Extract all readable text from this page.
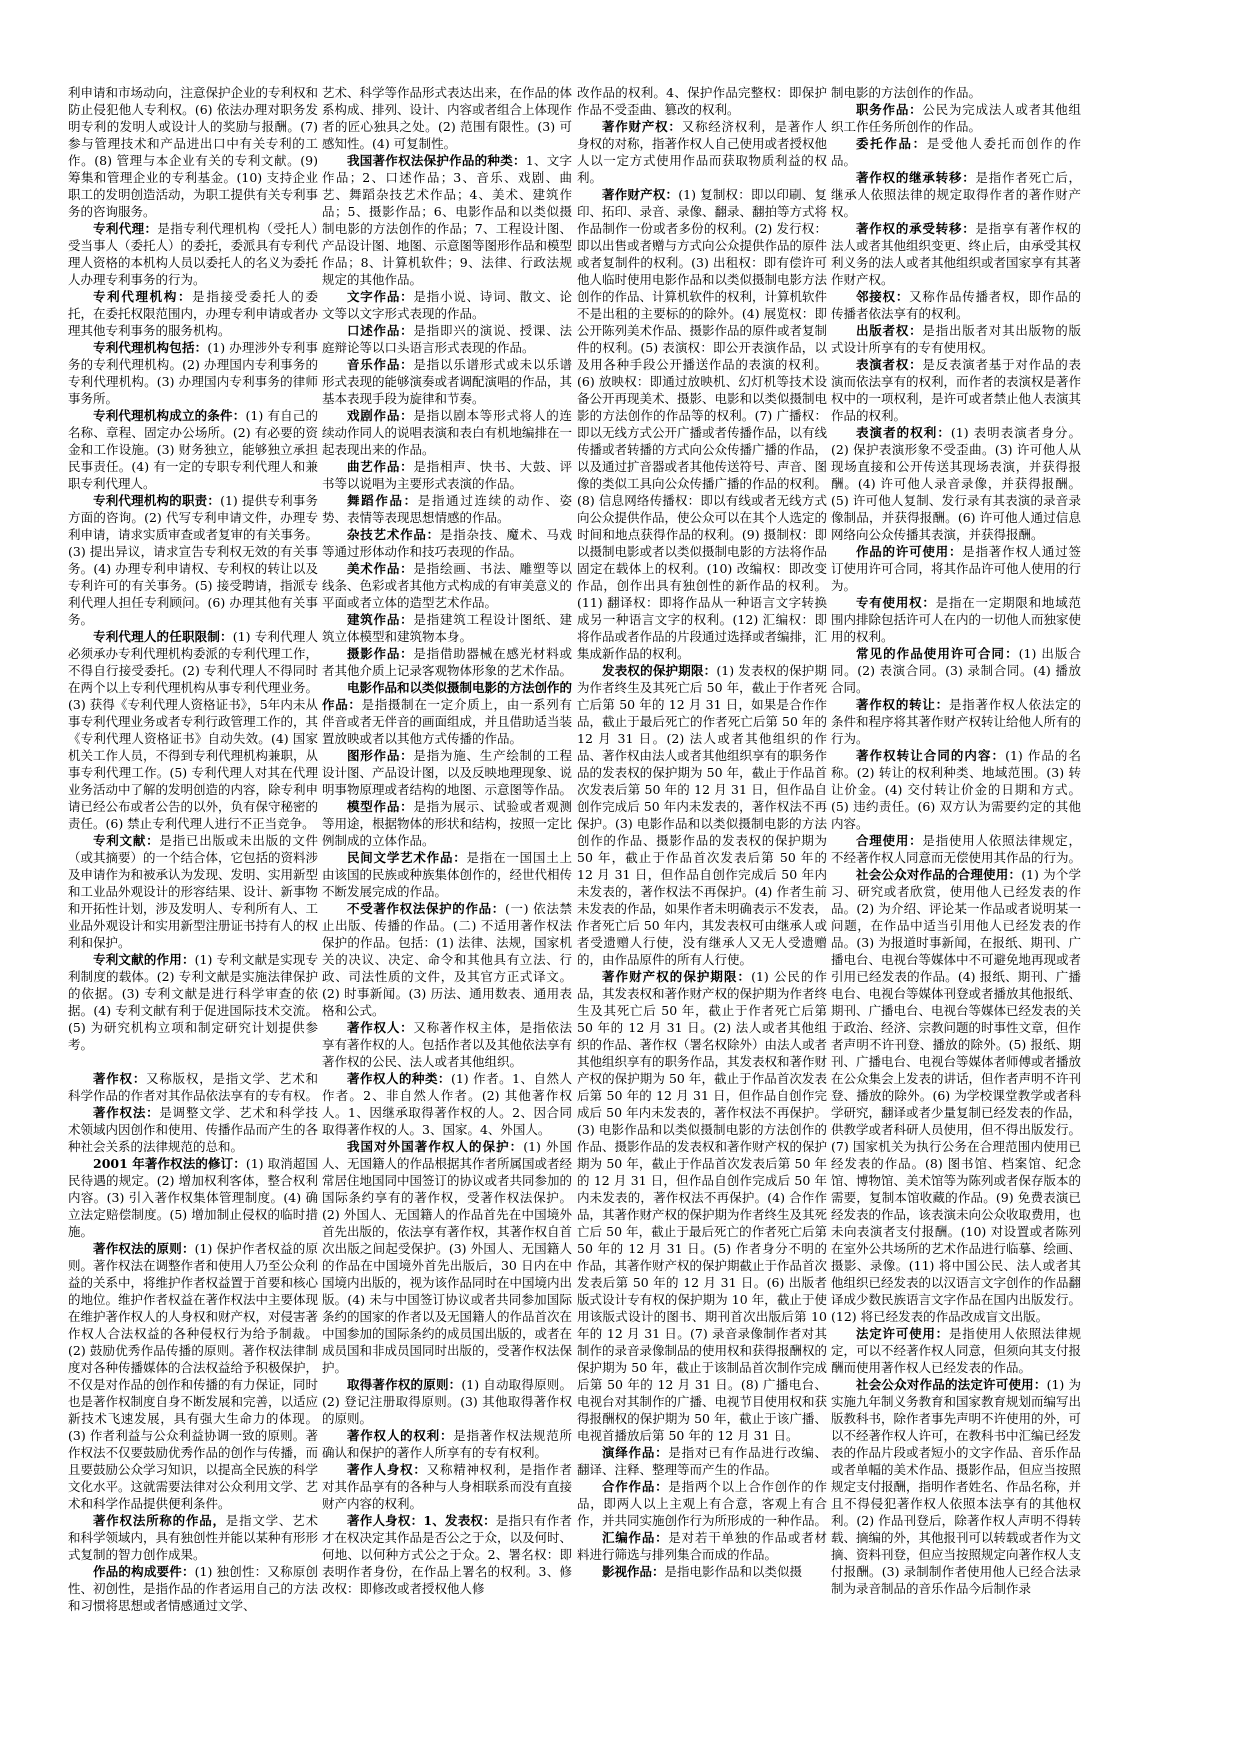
利申请和市场动向，注意保护企业的专利权和防止侵犯他人专利权。(6) 依法办理对职务发明专利的发明人或设计人的奖励与报酬。(7) 参与管理技术和产品进出口中有关专利的工作。(8) 管理与本企业有关的专利文献。(9) 筹集和管理企业的专利基金。(10) 支持企业职工的发明创造活动，为职工提供有关专利事务的咨询服务。

专利代理：是指专利代理机构（受托人）受当事人（委托人）的委托，委派具有专利代理人资格的本机构人员以委托人的名义为委托人办理专利事务的行为。

专利代理机构：是指接受委托人的委托，在委托权限范围内，办理专利申请或者办理其他专利事务的服务机构。

专利代理机构包括：(1) 办理涉外专利事务的专利代理机构。(2) 办理国内专利事务的专利代理机构。(3) 办理国内专利事务的律师事务所。

专利代理机构成立的条件：(1) 有自己的名称、章程、固定办公场所。(2) 有必要的资金和工作设施。(3) 财务独立，能够独立承担民事责任。(4) 有一定的专职专利代理人和兼职专利代理人。

专利代理机构的职责：(1) 提供专利事务方面的咨询。(2) 代写专利申请文件，办理专利申请，请求实质审查或者复审的有关事务。(3) 提出异议，请求宣告专利权无效的有关事务。(4) 办理专利申请权、专利权的转让以及专利许可的有关事务。(5) 接受聘请，指派专利代理人担任专利顾问。(6) 办理其他有关事务。

专利代理人的任职限制：(1) 专利代理人必须承办专利代理机构委派的专利代理工作，不得自行接受委托。(2) 专利代理人不得同时在两个以上专利代理机构从事专利代理业务。(3) 获得《专利代理人资格证书》，5年内未从事专利代理业务或者专利行政管理工作的，其《专利代理人资格证书》自动失效。(4) 国家机关工作人员，不得到专利代理机构兼职，从事专利代理工作。(5) 专利代理人对其在代理业务活动中了解的发明创造的内容，除专利申请已经公布或者公告的以外，负有保守秘密的责任。(6) 禁止专利代理人进行不正当竞争。

专利文献：是指已出版或未出版的文件（或其摘要）的一个结合体，它包括的资料涉及申请作为和被承认为发现、发明、实用新型和工业品外观设计的形容结果、设计、新事物和开拓性计划，涉及发明人、专利所有人、工业品外观设计和实用新型注册证书持有人的权利和保护。

专利文献的作用：(1) 专利文献是实现专利制度的载体。(2) 专利文献是实施法律保护的依据。(3) 专利文献是进行科学审查的依据。(4) 专利文献有利于促进国际技术交流。(5) 为研究机构立项和制定研究计划提供参考。

著作权：又称版权，是指文学、艺术和科学作品的作者对其作品依法享有的专有权。

著作权法：是调整文学、艺术和科学技术领域内因创作和使用、传播作品而产生的各种社会关系的法律规范的总和。

2001 年著作权法的修订：(1) 取消超国民待遇的规定。(2) 增加权利客体，整合权利内容。(3) 引入著作权集体管理制度。(4) 确立法定赔偿制度。(5) 增加制止侵权的临时措施。

著作权法的原则：(1) 保护作者权益的原则。著作权法在调整作者和使用人乃至公众利益的关系中，将维护作者权益置于首要和核心的地位。维护作者权益在著作权法中主要体现在维护著作权人的人身权和财产权，对侵害著作权人合法权益的各种侵权行为给予制裁。(2) 鼓励优秀作品传播的原则。著作权法律制度对各种传播媒体的合法权益给予积极保护，不仅是对作品的创作和传播的有力保证，同时也是著作权制度自身不断发展和完善，以适应新技术飞速发展，具有强大生命力的体现。(3) 作者利益与公众利益协调一致的原则。著作权法不仅要鼓励优秀作品的创作与传播，而且要鼓励公众学习知识，以提高全民族的科学文化水平。这就需要法律对公众利用文学、艺术和科学作品提供便利条件。

著作权法所称的作品，是指文学、艺术和科学领域内，具有独创性并能以某种有形形式复制的智力创作成果。

作品的构成要件：(1) 独创性：又称原创性、初创性，是指作品的作者运用自己的方法和习惯将思想或者情感通过文学、

艺术、科学等作品形式表达出来，在作品的体系构成、排列、设计、内容或者组合上体现作者的匠心独具之处。(2) 范围有限性。(3) 可感知性。(4) 可复制性。

我国著作权法保护作品的种类：1、文字作品；2、口述作品；3、音乐、戏剧、曲艺、舞蹈杂技艺术作品；4、美术、建筑作品；5、摄影作品；6、电影作品和以类似摄制电影的方法创作的作品；7、工程设计图、产品设计图、地图、示意图等图形作品和模型作品；8、计算机软件；9、法律、行政法规规定的其他作品。

文字作品：是指小说、诗词、散文、论文等以文字形式表现的作品。

口述作品：是指即兴的演说、授课、法庭辩论等以口头语言形式表现的作品。

音乐作品：是指以乐谱形式或未以乐谱形式表现的能够演奏或者调配演唱的作品，其基本表现手段为旋律和节奏。

戏剧作品：是指以剧本等形式将人的连续动作同人的说唱表演和表白有机地编排在一起表现出来的作品。

曲艺作品：是指相声、快书、大鼓、评书等以说唱为主要形式表演的作品。

舞蹈作品：是指通过连续的动作、姿势、表情等表现思想情感的作品。

杂技艺术作品：是指杂技、魔术、马戏等通过形体动作和技巧表现的作品。

美术作品：是指绘画、书法、雕塑等以线条、色彩或者其他方式构成的有审美意义的平面或者立体的造型艺术作品。

建筑作品：是指建筑工程设计图纸、建筑立体模型和建筑物本身。

摄影作品：是指借助器械在感光材料或者其他介质上记录客观物体形象的艺术作品。

电影作品和以类似摄制电影的方法创作的作品：是指摄制在一定介质上，由一系列有伴音或者无伴音的画面组成，并且借助适当装置放映或者以其他方式传播的作品。

图形作品：是指为施、生产绘制的工程设计图、产品设计图，以及反映地理现象、说明事物原理或者结构的地图、示意图等作品。

模型作品：是指为展示、试验或者观测等用途，根据物体的形状和结构，按照一定比例制成的立体作品。

民间文学艺术作品：是指在一国国土上由该国的民族或种族集体创作的，经世代相传不断发展完成的作品。

不受著作权法保护的作品：(一) 依法禁止出版、传播的作品。(二) 不适用著作权法保护的作品。包括：(1) 法律、法规，国家机关的决议、决定、命令和其他具有立法、行政、司法性质的文件，及其官方正式译文。(2) 时事新闻。(3) 历法、通用数表、通用表格和公式。

著作权人：又称著作权主体，是指依法享有著作权的人。包括作者以及其他依法享有著作权的公民、法人或者其他组织。

著作权人的种类：(1) 作者。1、自然人作者。2、非自然人作者。(2) 其他著作权人。1、因继承取得著作权的人。2、因合同取得著作权的人。3、国家。4、外国人。

我国对外国著作权人的保护：(1) 外国人、无国籍人的作品根据其作者所属国或者经常居住地国同中国签订的协议或者共同参加的国际条约享有的著作权，受著作权法保护。(2) 外国人、无国籍人的作品首先在中国境外首先出版的，依法享有著作权，其著作权自首次出版之间起受保护。(3) 外国人、无国籍人的作品在中国境外首先出版后，30 日内在中国境内出版的，视为该作品同时在中国境内出版。(4) 未与中国签订协议或者共同参加国际条约的国家的作者以及无国籍人的作品首次在中国参加的国际条约的成员国出版的，或者在成员国和非成员国同时出版的，受著作权法保护。

取得著作权的原则：(1) 自动取得原则。(2) 登记注册取得原则。(3) 其他取得著作权的原则。

著作权人的权利：是指著作权法规范所确认和保护的著作人所享有的专有权利。

著作人身权：又称精神权利，是指作者对其作品享有的各种与人身相联系而没有直接财产内容的权利。

著作人身权：1、发表权：是指只有作者才在权决定其作品是否公之于众，以及何时、何地、以何种方式公之于众。2、署名权：即表明作者身份，在作品上署名的权利。3、修改权：即修改或者授权他人修

改作品的权利。4、保护作品完整权：即保护作品不受歪曲、篡改的权利。

著作财产权：又称经济权利，是著作人身权的对称，指著作权人自己使用或者授权他人以一定方式使用作品而获取物质利益的权利。

著作财产权：(1) 复制权：即以印刷、复印、拓印、录音、录像、翻录、翻拍等方式将作品制作一份或者多份的权利。(2) 发行权：即以出售或者赠与方式向公众提供作品的原件或者复制件的权利。(3) 出租权：即有偿许可他人临时使用电影作品和以类似摄制电影方法创作的作品、计算机软件的权利，计算机软件不是出租的主要标的的除外。(4) 展览权：即公开陈列美术作品、摄影作品的原件或者复制件的权利。(5) 表演权：即公开表演作品，以及用各种手段公开播送作品的表演的权利。(6) 放映权：即通过放映机、幻灯机等技术设备公开再现美术、摄影、电影和以类似摄制电影的方法创作的作品等的权利。(7) 广播权：即以无线方式公开广播或者传播作品，以有线传播或者转播的方式向公众传播广播的作品，以及通过扩音器或者其他传送符号、声音、图像的类似工具向公众传播广播的作品的权利。(8) 信息网络传播权：即以有线或者无线方式向公众提供作品，使公众可以在其个人选定的时间和地点获得作品的权利。(9) 摄制权：即以摄制电影或者以类似摄制电影的方法将作品固定在载体上的权利。(10) 改编权：即改变作品，创作出具有独创性的新作品的权利。(11) 翻译权：即将作品从一种语言文字转换成另一种语言文字的权利。(12) 汇编权：即将作品或者作品的片段通过选择或者编排，汇集成新作品的权利。

发表权的保护期限：(1) 发表权的保护期为作者终生及其死亡后 50 年，截止于作者死亡后第 50 年的 12 月 31 日，如果是合作作品，截止于最后死亡的作者死亡后第 50 年的 12 月 31 日。(2) 法人或者其他组织的作品、著作权由法人或者其他组织享有的职务作品的发表权的保护期为 50 年，截止于作品首次发表后第 50 年的 12 月 31 日，但作品自创作完成后 50 年内未发表的，著作权法不再保护。(3) 电影作品和以类似摄制电影的方法创作的作品、摄影作品的发表权的保护期为 50 年，截止于作品首次发表后第 50 年的 12 月 31 日，但作品自创作完成后 50 年内未发表的，著作权法不再保护。(4) 作者生前未发表的作品，如果作者未明确表示不发表，作者死亡后 50 年内，其发表权可由继承人或者受遗赠人行使，没有继承人又无人受遗赠的，由作品原件的所有人行使。

著作财产权的保护期限：(1) 公民的作品，其发表权和著作财产权的保护期为作者终生及其死亡后 50 年，截止于作者死亡后第 50 年的 12 月 31 日。(2) 法人或者其他组织的作品、著作权（署名权除外）由法人或者其他组织享有的职务作品，其发表权和著作财产权的保护期为 50 年，截止于作品首次发表后第 50 年的 12 月 31 日，但作品自创作完成后 50 年内未发表的，著作权法不再保护。(3) 电影作品和以类似摄制电影的方法创作的作品、摄影作品的发表权和著作财产权的保护期为 50 年，截止于作品首次发表后第 50 年的 12 月 31 日，但作品自创作完成后 50 年内未发表的，著作权法不再保护。(4) 合作作品，其著作财产权的保护期为作者终生及其死亡后 50 年，截止于最后死亡的作者死亡后第 50 年的 12 月 31 日。(5) 作者身分不明的作品，其著作财产权的保护期截止于作品首次发表后第 50 年的 12 月 31 日。(6) 出版者版式设计专有权的保护期为 10 年，截止于使用该版式设计的图书、期刊首次出版后第 10 年的 12 月 31 日。(7) 录音录像制作者对其制作的录音录像制品的使用权和获得报酬权的保护期为 50 年，截止于该制品首次制作完成后第 50 年的 12 月 31 日。(8) 广播电台、电视台对其制作的广播、电视节目使用权和获得报酬权的保护期为 50 年，截止于该广播、电视首播放后第 50 年的 12 月 31 日。

演绎作品：是指对已有作品进行改编、翻译、注释、整理等而产生的作品。

合作作品：是指两个以上合作创作的作品，即两人以上主观上有合意，客观上有合作，并共同实施创作行为所形成的一种作品。

汇编作品：是对若干单独的作品或者材料进行筛选与排列集合而成的作品。

影视作品：是指电影作品和以类似摄

制电影的方法创作的作品。

职务作品：公民为完成法人或者其他组织工作任务所创作的作品。

委托作品：是受他人委托而创作的作品。

著作权的继承转移：是指作者死亡后，继承人依照法律的规定取得作者的著作财产权。

著作权的承受转移：是指享有著作权的法人或者其他组织变更、终止后，由承受其权利义务的法人或者其他组织或者国家享有其著作财产权。

邻接权：又称作品传播者权，即作品的传播者依法享有的权利。

出版者权：是指出版者对其出版物的版式设计所享有的专有使用权。

表演者权：是反表演者基于对作品的表演而依法享有的权利，而作者的表演权是著作权中的一项权利，是许可或者禁止他人表演其作品的权利。

表演者的权利：(1) 表明表演者身分。(2) 保护表演形象不受歪曲。(3) 许可他人从现场直接和公开传送其现场表演，并获得报酬。(4) 许可他人录音录像，并获得报酬。(5) 许可他人复制、发行录有其表演的录音录像制品，并获得报酬。(6) 许可他人通过信息网络向公众传播其表演，并获得报酬。

作品的许可使用：是指著作权人通过签订使用许可合同，将其作品许可他人使用的行为。

专有使用权：是指在一定期限和地域范围内排除包括许可人在内的一切他人而独家使用的权利。

常见的作品使用许可合同：(1) 出版合同。(2) 表演合同。(3) 录制合同。(4) 播放合同。

著作权的转让：是指著作权人依法定的条件和程序将其著作财产权转让给他人所有的行为。

著作权转让合同的内容：(1) 作品的名称。(2) 转让的权利种类、地域范围。(3) 转让价金。(4) 交付转让价金的日期和方式。(5) 违约责任。(6) 双方认为需要约定的其他内容。

合理使用：是指使用人依照法律规定，不经著作权人同意而无偿使用其作品的行为。

社会公众对作品的合理使用：(1) 为个学习、研究或者欣赏，使用他人已经发表的作品。(2) 为介绍、评论某一作品或者说明某一问题，在作品中适当引用他人已经发表的作品。(3) 为报道时事新闻，在报纸、期刊、广播电台、电视台等媒体中不可避免地再现或者引用已经发表的作品。(4) 报纸、期刊、广播电台、电视台等媒体刊登或者播放其他报纸、期刊、广播电台、电视台等媒体已经发表的关于政治、经济、宗教问题的时事性文章，但作者声明不许刊登、播放的除外。(5) 报纸、期刊、广播电台、电视台等媒体者师傅或者播放在公众集会上发表的讲话，但作者声明不许刊登、播放的除外。(6) 为学校课堂教学或者科学研究，翻译或者少量复制已经发表的作品，供教学或者科研人员使用，但不得出版发行。(7) 国家机关为执行公务在合理范围内使用已经发表的作品。(8) 图书馆、档案馆、纪念馆、博物馆、美术馆等为陈列或者保存版本的需要，复制本馆收藏的作品。(9) 免费表演已经发表的作品，该表演未向公众收取费用，也未向表演者支付报酬。(10) 对设置或者陈列在室外公共场所的艺术作品进行临摹、绘画、摄影、录像。(11) 将中国公民、法人或者其他组织已经发表的以汉语言文字创作的作品翻译成少数民族语言文字作品在国内出版发行。(12) 将已经发表的作品改成盲文出版。

法定许可使用：是指使用人依照法律规定，可以不经著作权人同意，但须向其支付报酬而使用著作权人已经发表的作品。

社会公众对作品的法定许可使用：(1) 为实施九年制义务教育和国家教育规划而编写出版教科书，除作者事先声明不许使用的外，可以不经著作权人许可，在教科书中汇编已经发表的作品片段或者短小的文字作品、音乐作品或者单幅的美术作品、摄影作品，但应当按照规定支付报酬，指明作者姓名、作品名称，并且不得侵犯著作权人依照本法享有的其他权利。(2) 作品刊登后，除著作权人声明不得转载、摘编的外，其他报刊可以转载或者作为文摘、资料刊登，但应当按照规定向著作权人支付报酬。(3) 录制制作者使用他人已经合法录制为录音制品的音乐作品今后制作录
